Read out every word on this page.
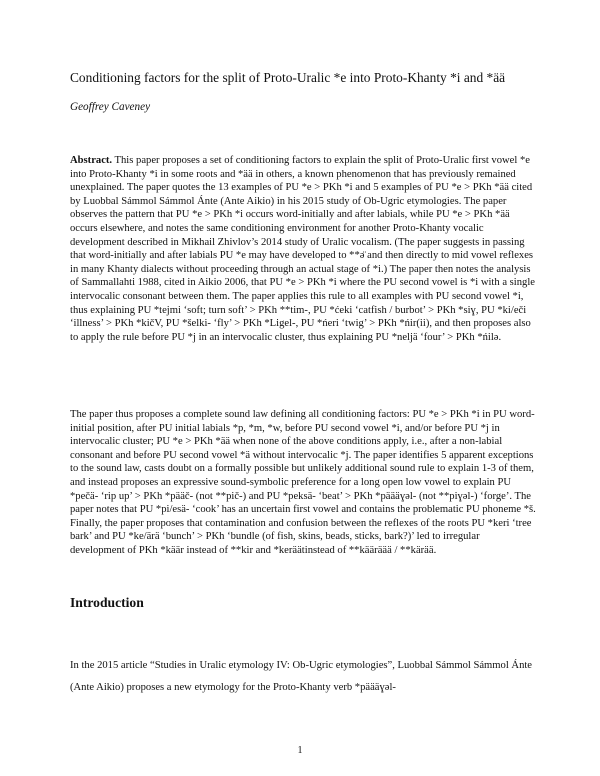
Conditioning factors for the split of Proto-Uralic *e into Proto-Khanty *i and *ää
Geoffrey Caveney
Abstract. This paper proposes a set of conditioning factors to explain the split of Proto-Uralic first vowel *e into Proto-Khanty *i in some roots and *ää in others, a known phenomenon that has previously remained unexplained. The paper quotes the 13 examples of PU *e > PKh *i and 5 examples of PU *e > PKh *ää cited by Luobbal Sámmol Sámmol Ánte (Ante Aikio) in his 2015 study of Ob-Ugric etymologies. The paper observes the pattern that PU *e > PKh *i occurs word-initially and after labials, while PU *e > PKh *ää occurs elsewhere, and notes the same conditioning environment for another Proto-Khanty vocalic development described in Mikhail Zhivlov’s 2014 study of Uralic vocalism. (The paper suggests in passing that word-initially and after labials PU *e may have developed to **ə̈ and then directly to mid vowel reflexes in many Khanty dialects without proceeding through an actual stage of *i.) The paper then notes the analysis of Sammallahti 1988, cited in Aikio 2006, that PU *e > PKh *i where the PU second vowel is *i with a single intervocalic consonant between them. The paper applies this rule to all examples with PU second vowel *i, thus explaining PU *tejmi ‘soft; turn soft’ > PKh **tim-, PU *ćeki ‘catfish / burbot’ > PKh *siɣ, PU *ki/eči ‘illness’ > PKh *kičV, PU *šelki- ‘fly’ > PKh *Ligel-, PU *ńeri ‘twig’ > PKh *ńir(ii), and then proposes also to apply the rule before PU *j in an intervocalic cluster, thus explaining PU *neljä ‘four’ > PKh *ńilə.
The paper thus proposes a complete sound law defining all conditioning factors: PU *e > PKh *i in PU word-initial position, after PU initial labials *p, *m, *w, before PU second vowel *i, and/or before PU *j in intervocalic cluster; PU *e > PKh *ää when none of the above conditions apply, i.e., after a non-labial consonant and before PU second vowel *ä without intervocalic *j. The paper identifies 5 apparent exceptions to the sound law, casts doubt on a formally possible but unlikely additional sound rule to explain 1-3 of them, and instead proposes an expressive sound-symbolic preference for a long open low vowel to explain PU *pečä- ‘rip up’ > PKh *pääč- (not **pič-) and PU *peksä- ‘beat’ > PKh *päääɣəl- (not **piɣəl-) ‘forge’. The paper notes that PU *pi/esä- ‘cook’ has an uncertain first vowel and contains the problematic PU phoneme *š. Finally, the paper proposes that contamination and confusion between the reflexes of the roots PU *keri ‘tree bark’ and PU *ke/ärä ‘bunch’ > PKh ‘bundle (of fish, skins, beads, sticks, bark?)’ led to irregular development of PKh *käär instead of **kir and *keräätinstead of **kääräää / **kärää.
Introduction
In the 2015 article “Studies in Uralic etymology IV: Ob-Ugric etymologies”, Luobbal Sámmol Sámmol Ánte (Ante Aikio) proposes a new etymology for the Proto-Khanty verb *päääɣəl-
1
